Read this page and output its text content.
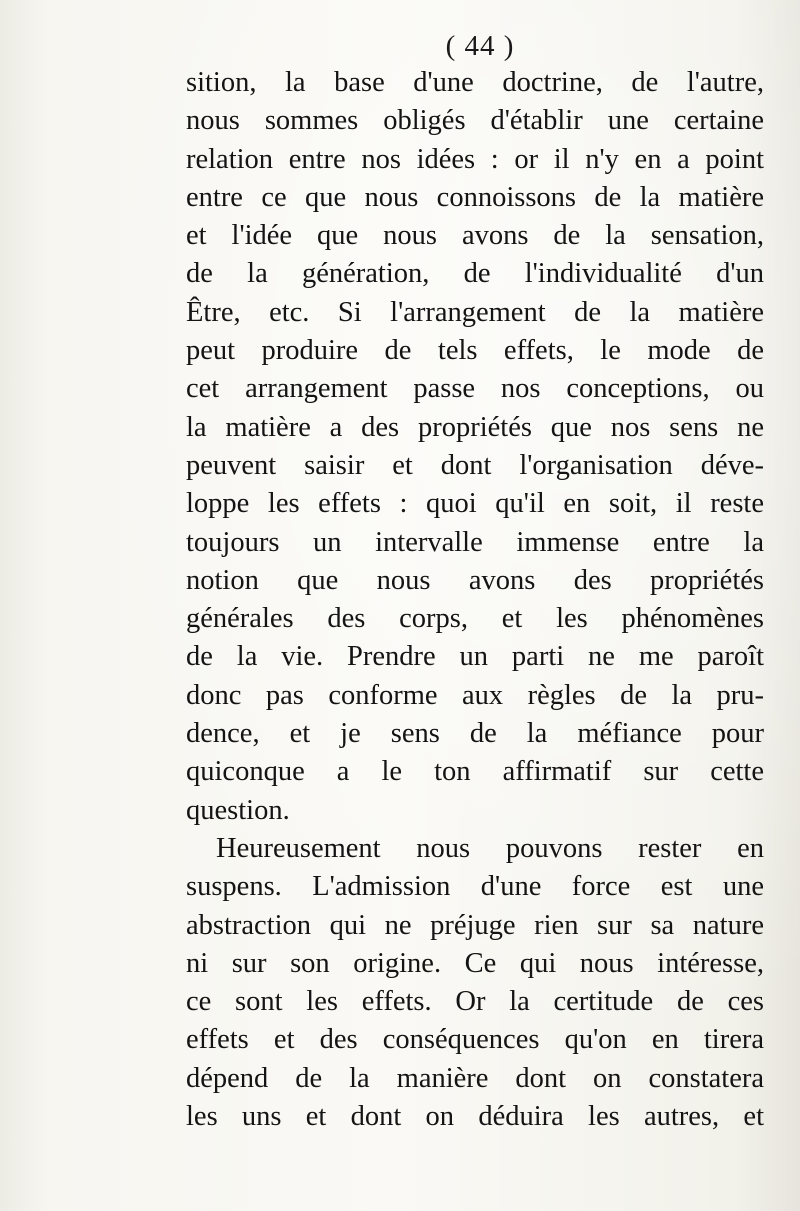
( 44 )
sition, la base d'une doctrine, de l'autre,
nous sommes obligés d'établir une certaine
relation entre nos idées : or il n'y en a point
entre ce que nous connoissons de la matière
et l'idée que nous avons de la sensation,
de la génération, de l'individualité d'un
Être, etc. Si l'arrangement de la matière
peut produire de tels effets, le mode de
cet arrangement passe nos conceptions, ou
la matière a des propriétés que nos sens ne
peuvent saisir et dont l'organisation déve-
loppe les effets : quoi qu'il en soit, il reste
toujours un intervalle immense entre la
notion que nous avons des propriétés
générales des corps, et les phénomènes
de la vie. Prendre un parti ne me paroît
donc pas conforme aux règles de la pru-
dence, et je sens de la méfiance pour
quiconque a le ton affirmatif sur cette
question.
Heureusement nous pouvons rester en
suspens. L'admission d'une force est une
abstraction qui ne préjuge rien sur sa nature
ni sur son origine. Ce qui nous intéresse,
ce sont les effets. Or la certitude de ces
effets et des conséquences qu'on en tirera
dépend de la manière dont on constatera
les uns et dont on déduira les autres, et
